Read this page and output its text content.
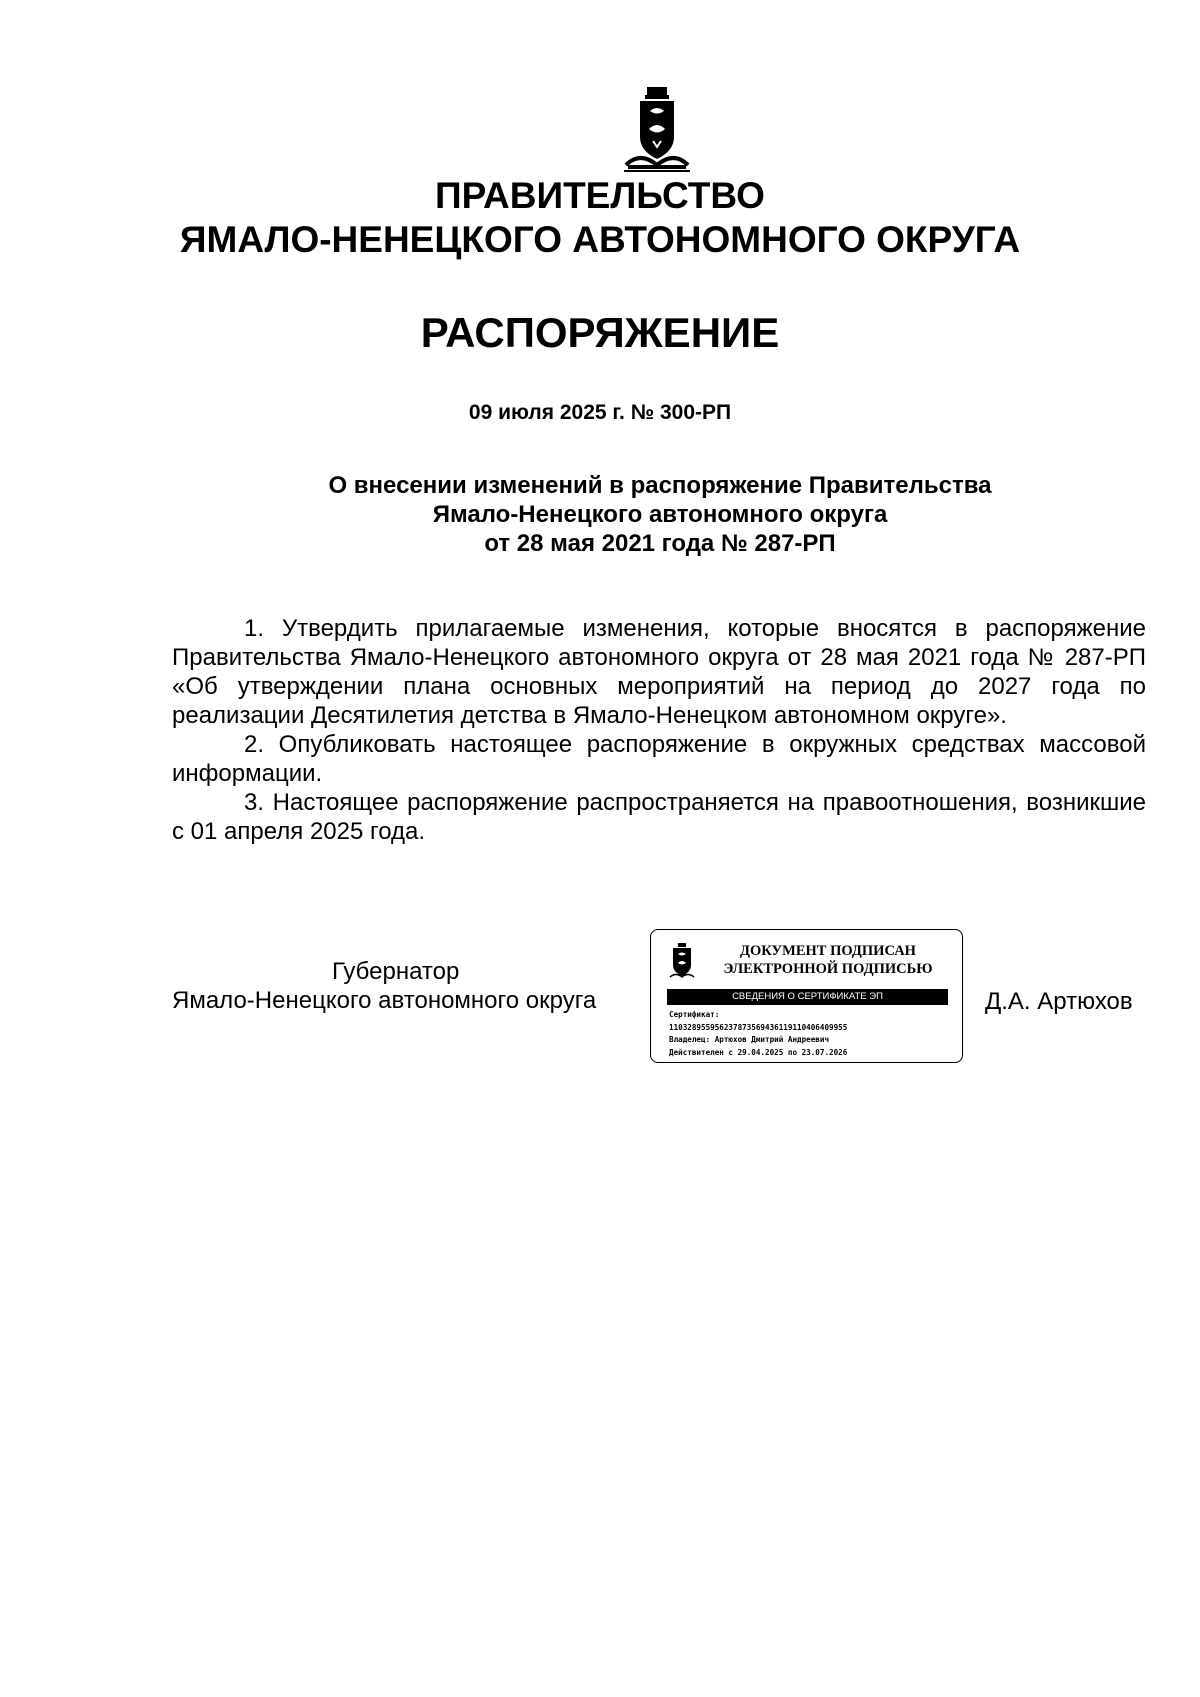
ПРАВИТЕЛЬСТВО
ЯМАЛО-НЕНЕЦКОГО АВТОНОМНОГО ОКРУГА
РАСПОРЯЖЕНИЕ
09 июля 2025 г. № 300-РП
О внесении изменений в распоряжение Правительства
Ямало-Ненецкого автономного округа
от 28 мая 2021 года № 287-РП

1. Утвердить прилагаемые изменения, которые вносятся в распоряжение Правительства Ямало-Ненецкого автономного округа от 28 мая 2021 года № 287-РП «Об утверждении плана основных мероприятий на период до 2027 года по реализации Десятилетия детства в Ямало-Ненецком автономном округе».

2. Опубликовать настоящее распоряжение в окружных средствах массовой информации.

3. Настоящее распоряжение распространяется на правоотношения, возникшие с 01 апреля 2025 года.

Губернатор
Ямало-Ненецкого автономного округа
ДОКУМЕНТ ПОДПИСАН
ЭЛЕКТРОННОЙ ПОДПИСЬЮ
СВЕДЕНИЯ О СЕРТИФИКАТЕ ЭП
Сертификат:
110328955956237873569436119110406409955
Владелец: Артюхов Дмитрий Андреевич
Действителен с 29.04.2025 по 23.07.2026
Д.А. Артюхов
